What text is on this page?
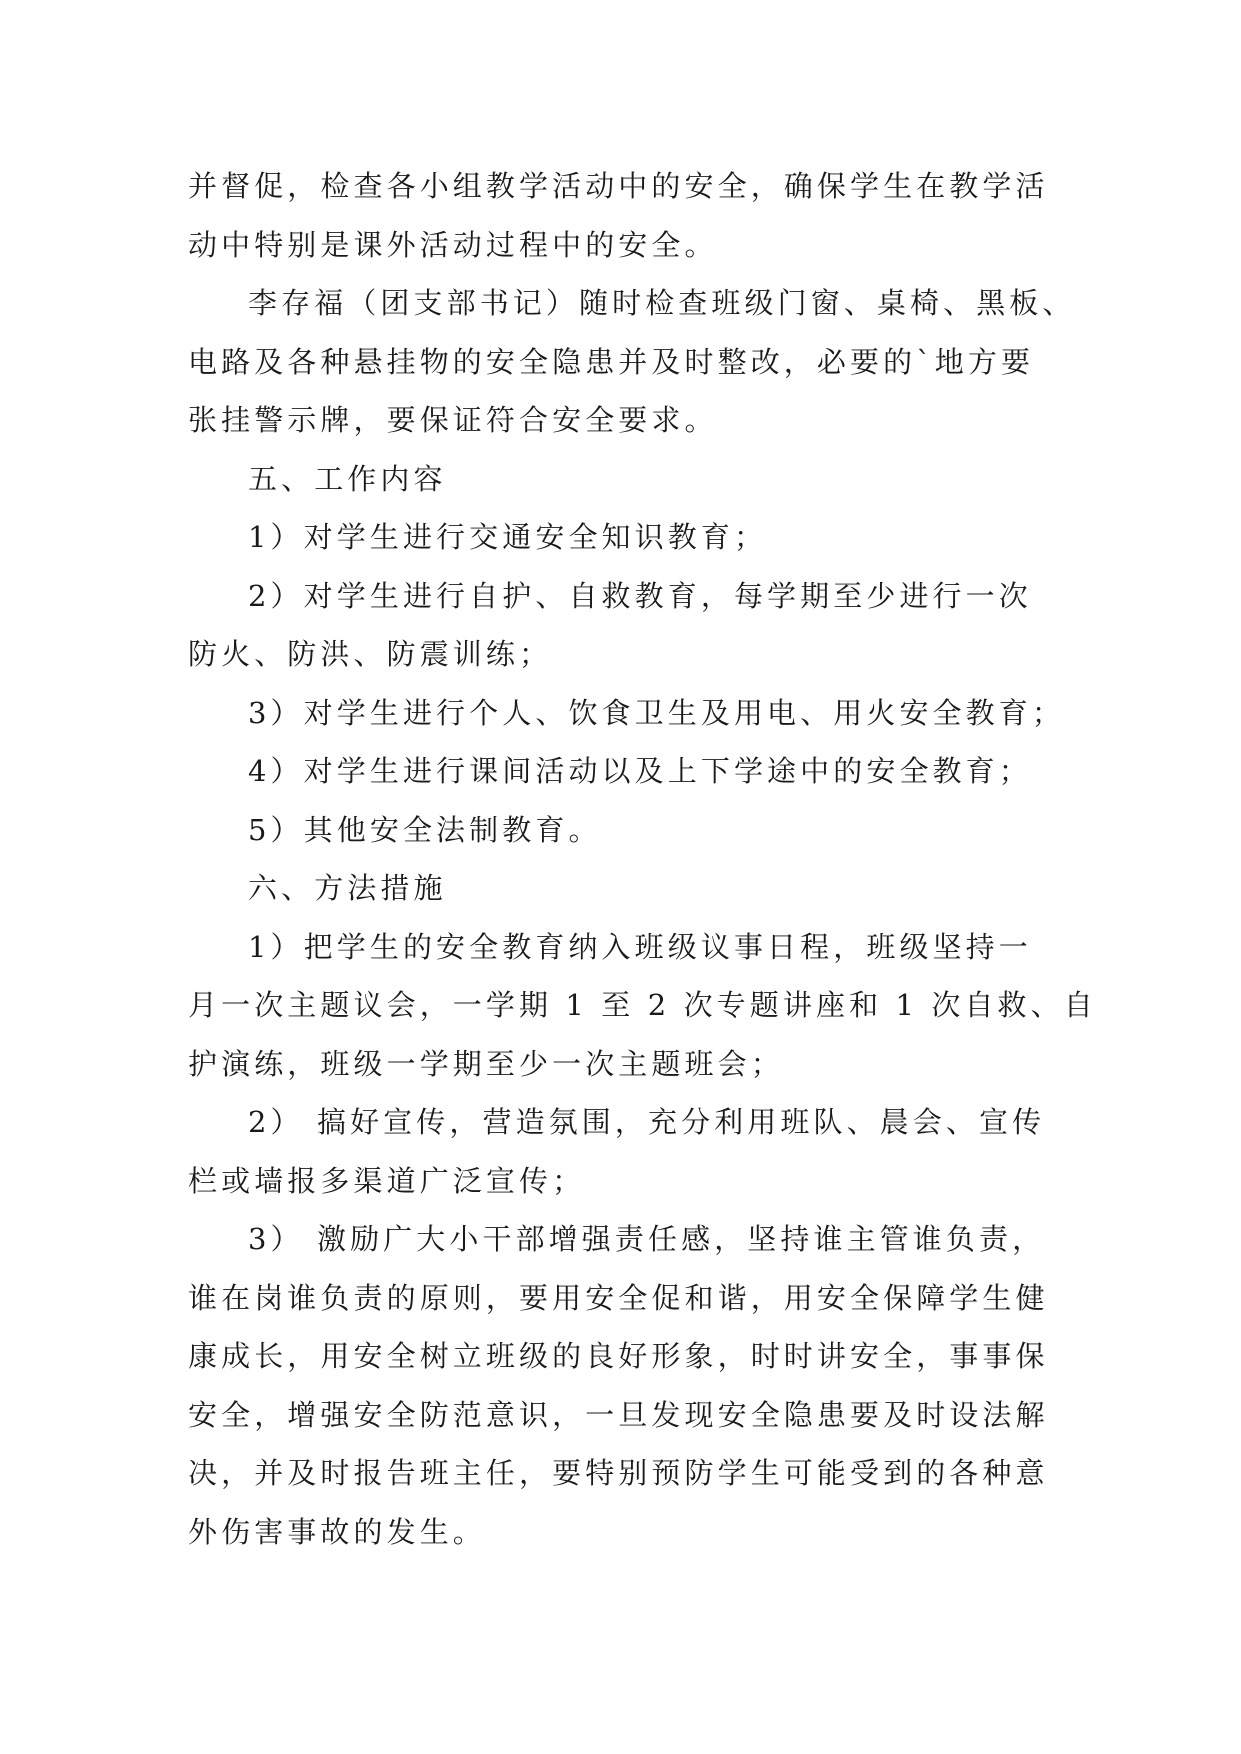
并督促，检查各小组教学活动中的安全，确保学生在教学活
动中特别是课外活动过程中的安全。
李存福（团支部书记）随时检查班级门窗、桌椅、黑板、
电路及各种悬挂物的安全隐患并及时整改，必要的`地方要
张挂警示牌，要保证符合安全要求。
五、工作内容
1）对学生进行交通安全知识教育；
2）对学生进行自护、自救教育，每学期至少进行一次
防火、防洪、防震训练；
3）对学生进行个人、饮食卫生及用电、用火安全教育；
4）对学生进行课间活动以及上下学途中的安全教育；
5）其他安全法制教育。
六、方法措施
1）把学生的安全教育纳入班级议事日程，班级坚持一
月一次主题议会，一学期 1 至 2 次专题讲座和 1 次自救、自
护演练，班级一学期至少一次主题班会；
2） 搞好宣传，营造氛围，充分利用班队、晨会、宣传
栏或墙报多渠道广泛宣传；
3） 激励广大小干部增强责任感，坚持谁主管谁负责，
谁在岗谁负责的原则，要用安全促和谐，用安全保障学生健
康成长，用安全树立班级的良好形象，时时讲安全，事事保
安全，增强安全防范意识，一旦发现安全隐患要及时设法解
决，并及时报告班主任，要特别预防学生可能受到的各种意
外伤害事故的发生。
